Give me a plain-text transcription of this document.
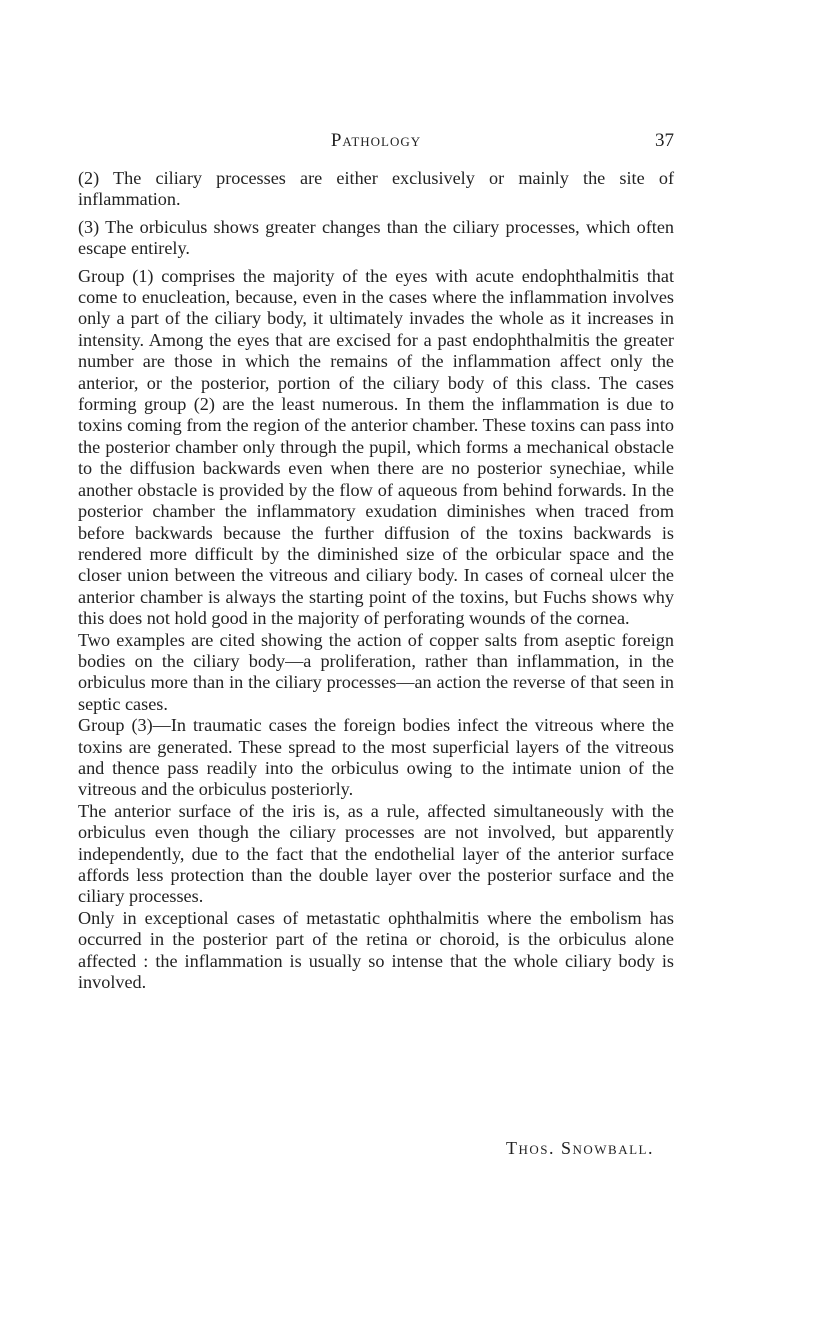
Pathology	37

(2) The ciliary processes are either exclusively or mainly the site of inflammation.

(3) The orbiculus shows greater changes than the ciliary processes, which often escape entirely.

Group (1) comprises the majority of the eyes with acute endophthalmitis that come to enucleation, because, even in the cases where the inflammation involves only a part of the ciliary body, it ultimately invades the whole as it increases in intensity. Among the eyes that are excised for a past endophthalmitis the greater number are those in which the remains of the inflammation affect only the anterior, or the posterior, portion of the ciliary body of this class. The cases forming group (2) are the least numerous. In them the inflammation is due to toxins coming from the region of the anterior chamber. These toxins can pass into the posterior chamber only through the pupil, which forms a mechanical obstacle to the diffusion backwards even when there are no posterior synechiae, while another obstacle is provided by the flow of aqueous from behind forwards. In the posterior chamber the inflammatory exudation diminishes when traced from before backwards because the further diffusion of the toxins backwards is rendered more difficult by the diminished size of the orbicular space and the closer union between the vitreous and ciliary body. In cases of corneal ulcer the anterior chamber is always the starting point of the toxins, but Fuchs shows why this does not hold good in the majority of perforating wounds of the cornea.

Two examples are cited showing the action of copper salts from aseptic foreign bodies on the ciliary body—a proliferation, rather than inflammation, in the orbiculus more than in the ciliary processes—an action the reverse of that seen in septic cases.

Group (3)—In traumatic cases the foreign bodies infect the vitreous where the toxins are generated. These spread to the most superficial layers of the vitreous and thence pass readily into the orbiculus owing to the intimate union of the vitreous and the orbiculus posteriorly.

The anterior surface of the iris is, as a rule, affected simultaneously with the orbiculus even though the ciliary processes are not involved, but apparently independently, due to the fact that the endothelial layer of the anterior surface affords less protection than the double layer over the posterior surface and the ciliary processes.

Only in exceptional cases of metastatic ophthalmitis where the embolism has occurred in the posterior part of the retina or choroid, is the orbiculus alone affected : the inflammation is usually so intense that the whole ciliary body is involved.

Thos. Snowball.
